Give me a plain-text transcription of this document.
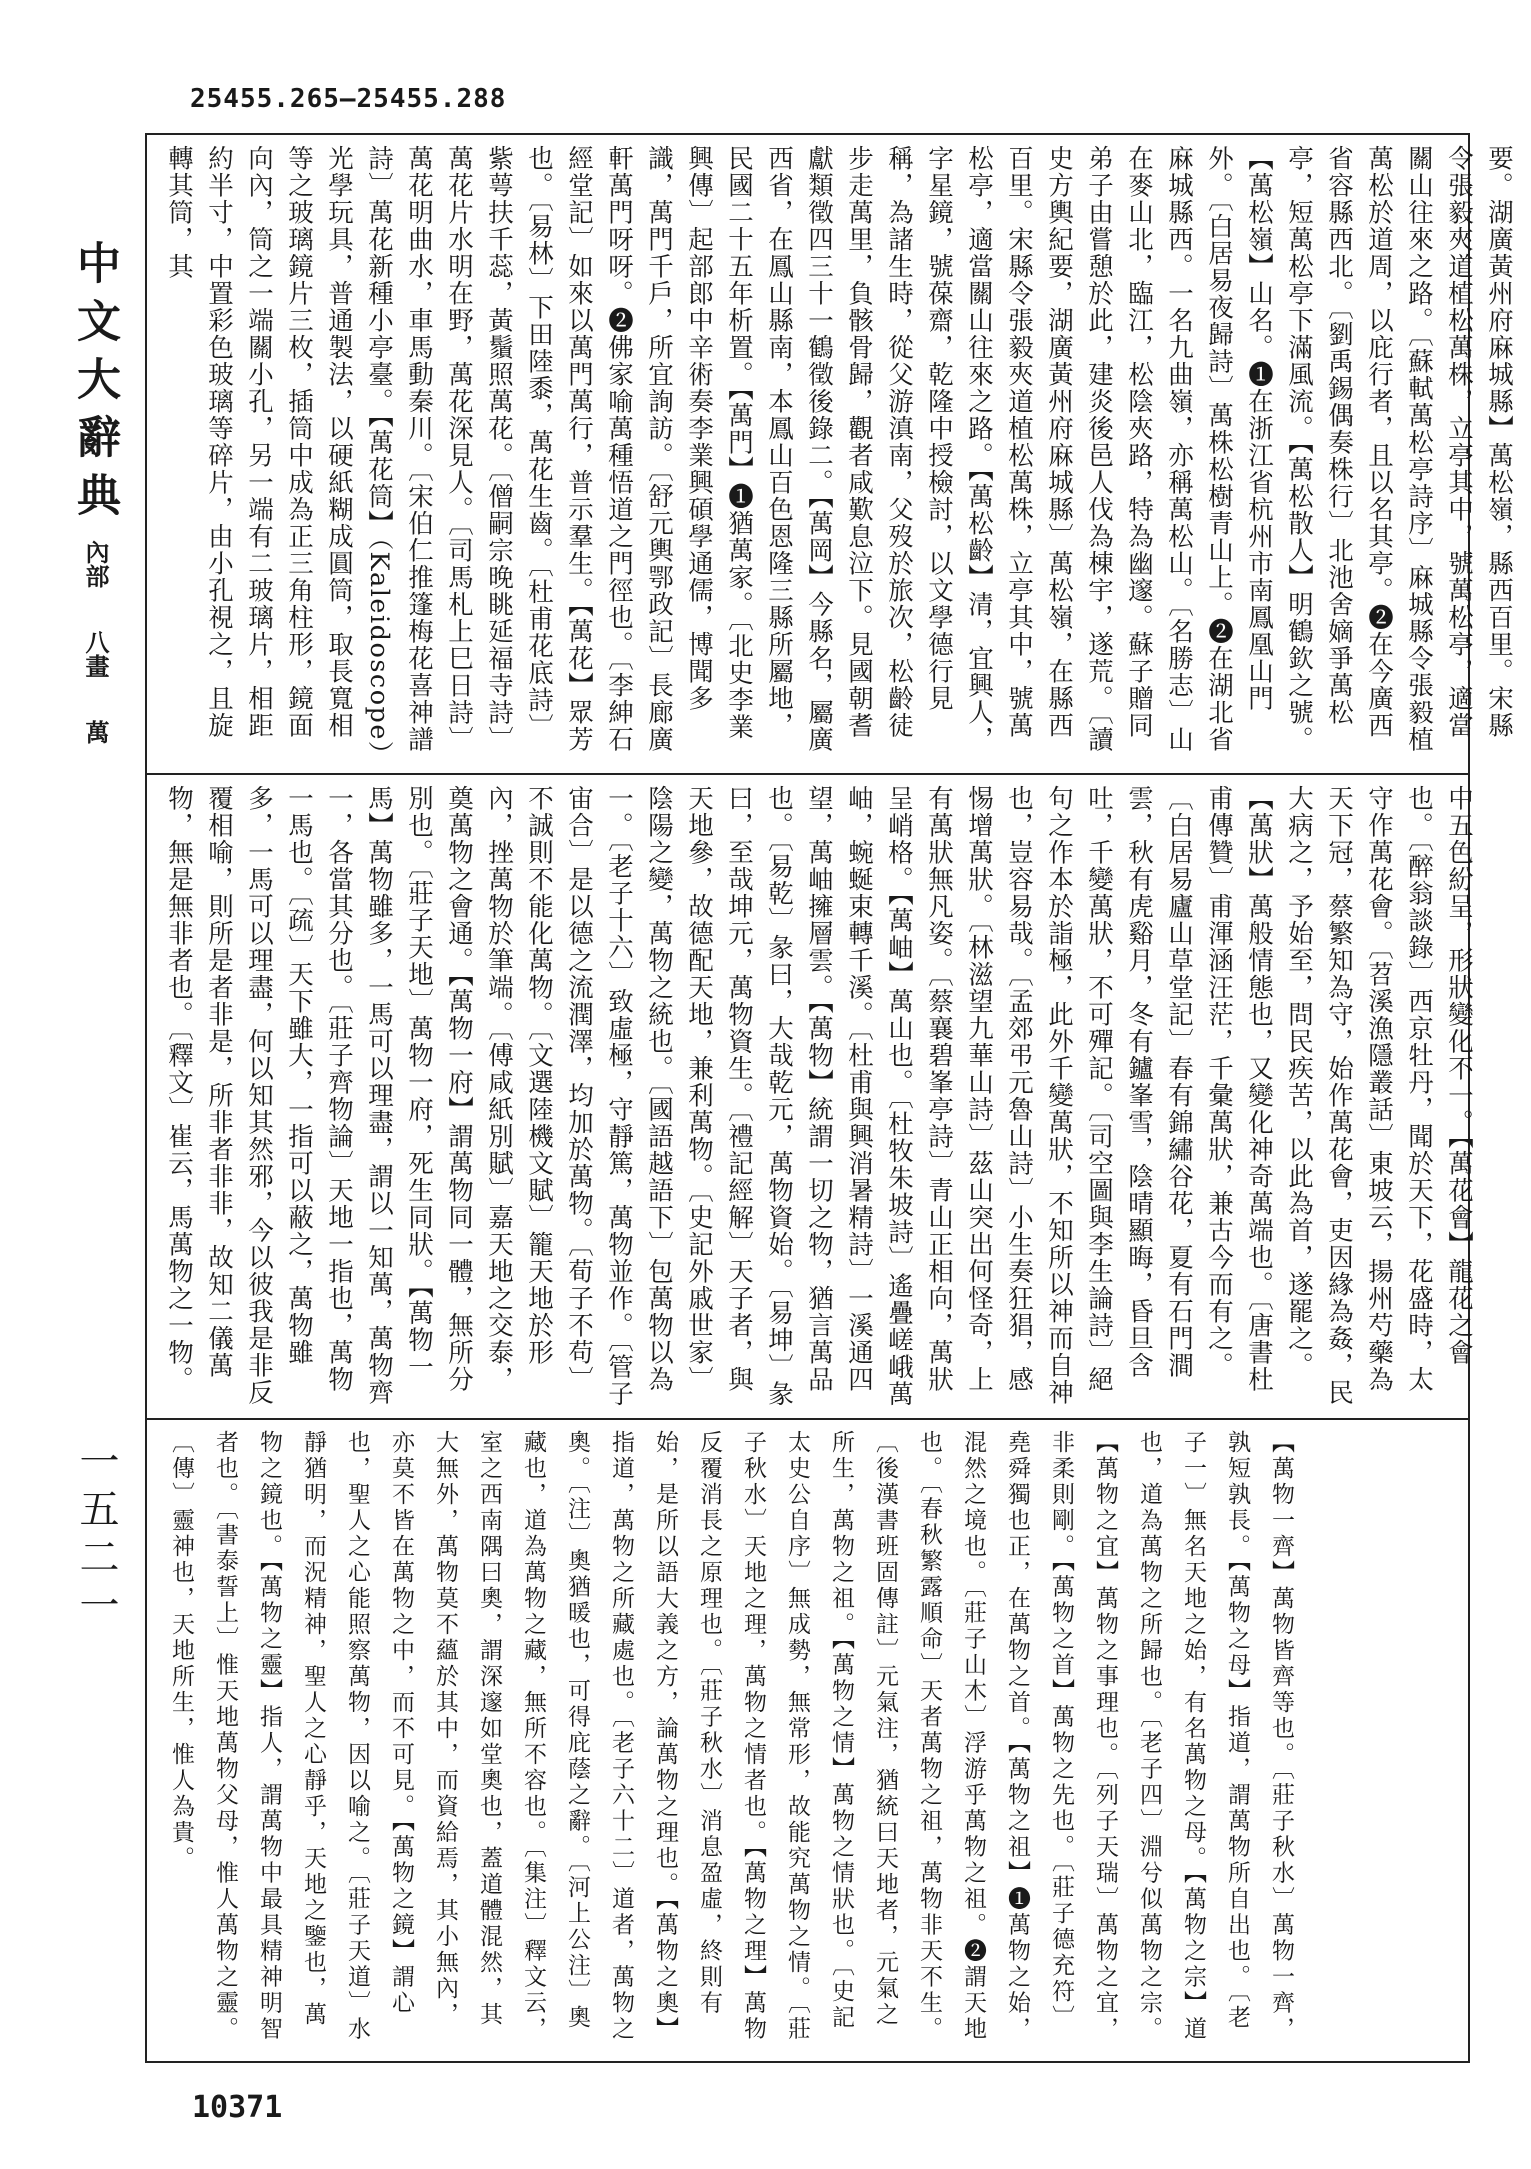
25455.265—25455.288
中文大辭典
內部
八畫
萬
一五二一
要。湖廣黃州府麻城縣】萬松嶺，縣西百里。宋縣令張毅夾道植松萬株，立亭其中，號萬松亭，適當關山往來之路。〔蘇軾萬松亭詩序〕麻城縣令張毅植萬松於道周，以庇行者，且以名其亭。❷在今廣西省容縣西北。〔劉禹錫偶奏株行〕北池舍嫡爭萬松亭，短萬松亭下滿風流。【萬松散人】明鶴欽之號。【萬松嶺】山名。❶在浙江省杭州市南鳳凰山門外。〔白居易夜歸詩〕萬株松樹青山上。❷在湖北省麻城縣西。一名九曲嶺，亦稱萬松山。〔名勝志〕山在麥山北，臨江，松陰夾路，特為幽邃。蘇子贈同弟子由嘗憩於此，建炎後邑人伐為棟宇，遂荒。〔讀史方輿紀要，湖廣黃州府麻城縣〕萬松嶺，在縣西百里。宋縣令張毅夾道植松萬株，立亭其中，號萬松亭，適當關山往來之路。【萬松齡】清，宜興人，字星鏡，號葆齋，乾隆中授檢討，以文學德行見稱，為諸生時，從父游滇南，父歿於旅次，松齡徒步走萬里，負骸骨歸，觀者咸歎息泣下。見國朝耆獻類徵四三十一鶴徵後錄二。【萬岡】今縣名，屬廣西省，在鳳山縣南，本鳳山百色恩隆三縣所屬地，民國二十五年析置。【萬門】❶猶萬家。〔北史李業興傳〕起部郎中辛術奏李業興碩學通儒，博聞多識，萬門千戶，所宜詢訪。〔舒元輿鄂政記〕長廊廣軒萬門呀呀。❷佛家喻萬種悟道之門徑也。〔李紳石經堂記〕如來以萬門萬行，普示羣生。【萬花】眾芳也。〔易林〕下田陸黍，萬花生齒。〔杜甫花底詩〕紫萼扶千蕊，黃鬚照萬花。〔僧嗣宗晚眺延福寺詩〕萬花片水明在野，萬花深見人。〔司馬札上巳日詩〕萬花明曲水，車馬動秦川。〔宋伯仁推篷梅花喜神譜詩〕萬花新種小亭臺。【萬花筒】（Kaleidoscope）光學玩具，普通製法，以硬紙糊成圓筒，取長寬相等之玻璃鏡片三枚，插筒中成為正三角柱形，鏡面向內，筒之一端關小孔，另一端有二玻璃片，相距約半寸，中置彩色玻璃等碎片，由小孔視之，且旋轉其筒，其
中五色紛呈，形狀變化不一。【萬花會】龍花之會也。〔醉翁談錄〕西京牡丹，聞於天下，花盛時，太守作萬花會。〔苕溪漁隱叢話〕東坡云，揚州芍藥為天下冠，蔡繁知為守，始作萬花會，吏因緣為姦，民大病之，予始至，問民疾苦，以此為首，遂罷之。【萬狀】萬般情態也，又變化神奇萬端也。〔唐書杜甫傳贊〕甫渾涵汪茫，千彙萬狀，兼古今而有之。〔白居易廬山草堂記〕春有錦繡谷花，夏有石門澗雲，秋有虎谿月，冬有鑪峯雪，陰晴顯晦，昏旦含吐，千變萬狀，不可殫記。〔司空圖與李生論詩〕絕句之作本於詣極，此外千變萬狀，不知所以神而自神也，豈容易哉。〔孟郊弔元魯山詩〕小生奏狂猖，感惕增萬狀。〔林滋望九華山詩〕茲山突出何怪奇，上有萬狀無凡姿。〔蔡襄碧峯亭詩〕青山正相向，萬狀呈峭格。【萬岫】萬山也。〔杜牧朱坡詩〕遙疊嵯峨萬岫，蜿蜒束轉千溪。〔杜甫與興消暑精詩〕一溪通四望，萬岫擁層雲。【萬物】統謂一切之物，猶言萬品也。〔易乾〕彖曰，大哉乾元，萬物資始。〔易坤〕彖曰，至哉坤元，萬物資生。〔禮記經解〕天子者，與天地參，故德配天地，兼利萬物。〔史記外戚世家〕陰陽之變，萬物之統也。〔國語越語下〕包萬物以為一。〔老子十六〕致虛極，守靜篤，萬物並作。〔管子宙合〕是以德之流潤澤，均加於萬物。〔荀子不苟〕不誠則不能化萬物。〔文選陸機文賦〕籠天地於形內，挫萬物於筆端。〔傅咸紙別賦〕嘉天地之交泰，奠萬物之會通。【萬物一府】謂萬物同一體，無所分別也。〔莊子天地〕萬物一府，死生同狀。【萬物一馬】萬物雖多，一馬可以理盡，謂以一知萬，萬物齊一，各當其分也。〔莊子齊物論〕天地一指也，萬物一馬也。〔疏〕天下雖大，一指可以蔽之，萬物雖多，一馬可以理盡，何以知其然邪，今以彼我是非反覆相喻，則所是者非是，所非者非非，故知二儀萬物，無是無非者也。〔釋文〕崔云，馬萬物之一物。
【萬物一齊】萬物皆齊等也。〔莊子秋水〕萬物一齊，孰短孰長。【萬物之母】指道，謂萬物所自出也。〔老子一〕無名天地之始，有名萬物之母。【萬物之宗】道也，道為萬物之所歸也。〔老子四〕淵兮似萬物之宗。【萬物之宜】萬物之事理也。〔列子天瑞〕萬物之宜，非柔則剛。【萬物之首】萬物之先也。〔莊子德充符〕堯舜獨也正，在萬物之首。【萬物之祖】❶萬物之始，混然之境也。〔莊子山木〕浮游乎萬物之祖。❷謂天地也。〔春秋繁露順命〕天者萬物之祖，萬物非天不生。〔後漢書班固傳註〕元氣注，猶統曰天地者，元氣之所生，萬物之祖。【萬物之情】萬物之情狀也。〔史記太史公自序〕無成勢，無常形，故能究萬物之情。〔莊子秋水〕天地之理，萬物之情者也。【萬物之理】萬物反覆消長之原理也。〔莊子秋水〕消息盈虛，終則有始，是所以語大義之方，論萬物之理也。【萬物之奧】指道，萬物之所藏處也。〔老子六十二〕道者，萬物之奧。〔注〕奧猶暖也，可得庇蔭之辭。〔河上公注〕奧藏也，道為萬物之藏，無所不容也。〔集注〕釋文云，室之西南隅曰奧，謂深邃如堂奧也，蓋道體混然，其大無外，萬物莫不蘊於其中，而資給焉，其小無內，亦莫不皆在萬物之中，而不可見。【萬物之鏡】謂心也，聖人之心能照察萬物，因以喻之。〔莊子天道〕水靜猶明，而況精神，聖人之心靜乎，天地之鑒也，萬物之鏡也。【萬物之靈】指人，謂萬物中最具精神明智者也。〔書泰誓上〕惟天地萬物父母，惟人萬物之靈。〔傳〕靈神也，天地所生，惟人為貴。
10371
